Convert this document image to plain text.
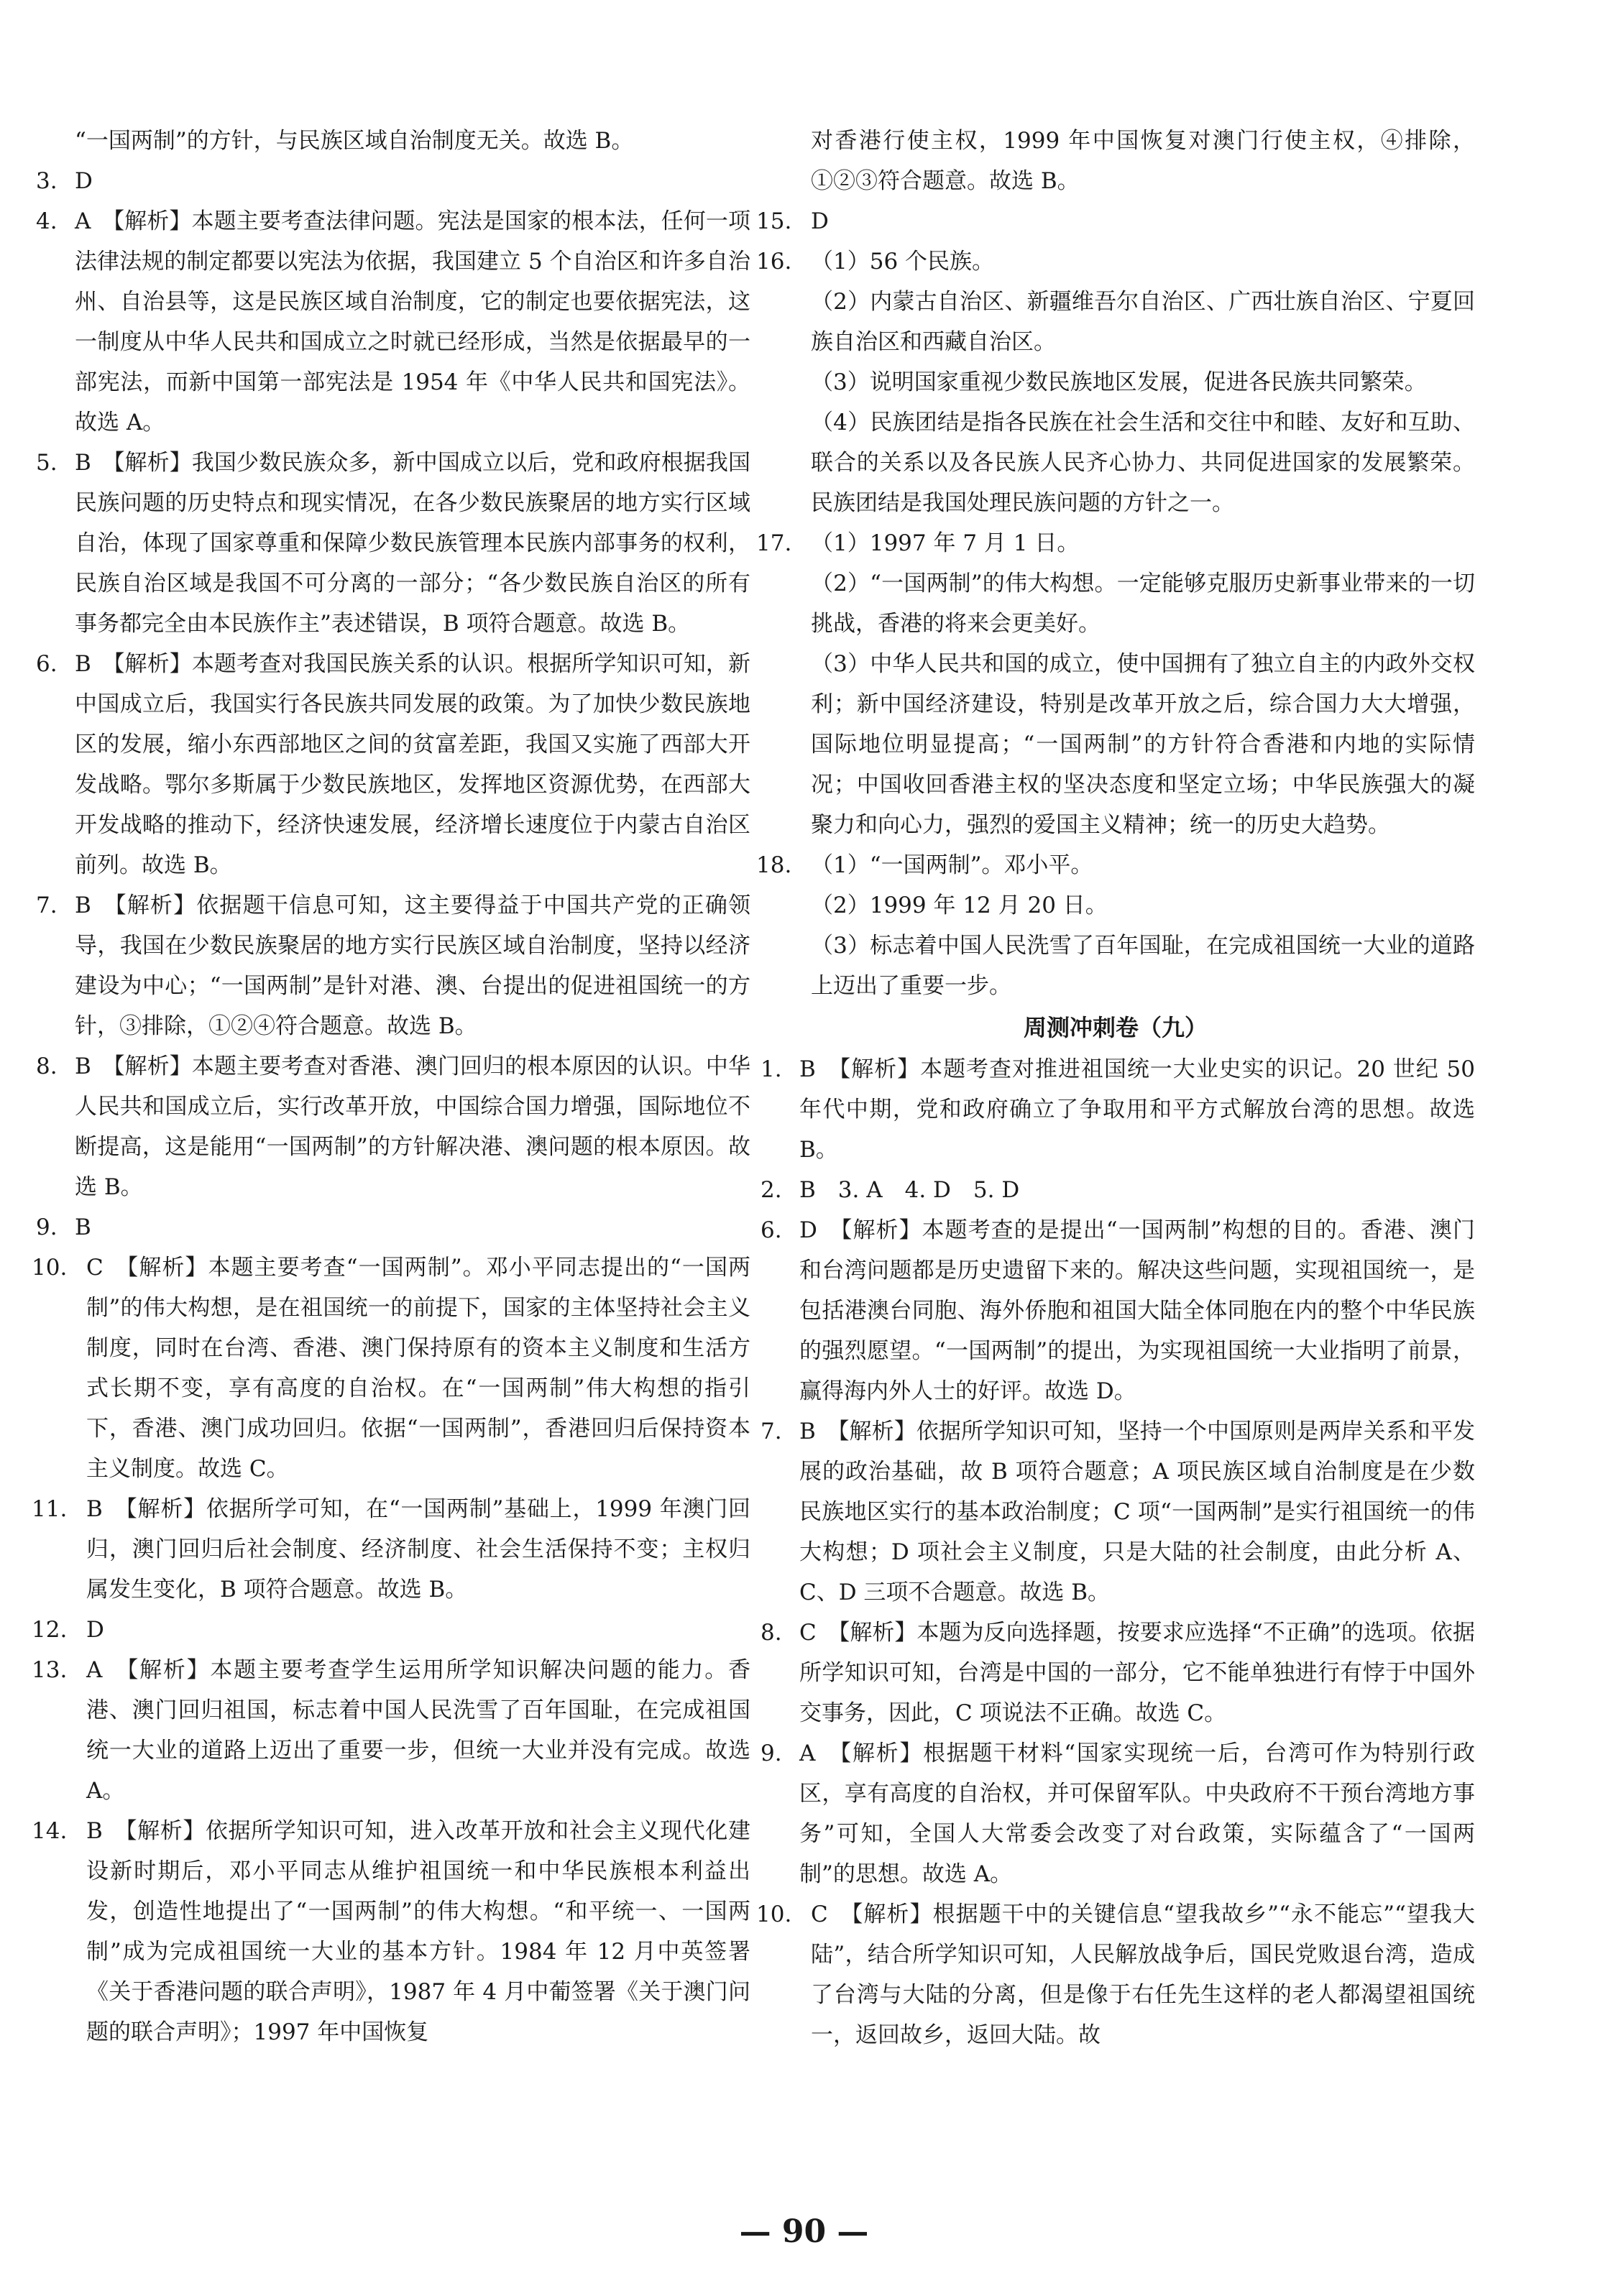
“一国两制”的方针，与民族区域自治制度无关。故选 B。
3. D
4. A　【解析】本题主要考查法律问题。宪法是国家的根本法，任何一项法律法规的制定都要以宪法为依据，我国建立 5 个自治区和许多自治州、自治县等，这是民族区域自治制度，它的制定也要依据宪法，这一制度从中华人民共和国成立之时就已经形成，当然是依据最早的一部宪法，而新中国第一部宪法是 1954 年《中华人民共和国宪法》。故选 A。
5. B　【解析】我国少数民族众多，新中国成立以后，党和政府根据我国民族问题的历史特点和现实情况，在各少数民族聚居的地方实行区域自治，体现了国家尊重和保障少数民族管理本民族内部事务的权利，民族自治区域是我国不可分离的一部分；“各少数民族自治区的所有事务都完全由本民族作主”表述错误，B 项符合题意。故选 B。
6. B　【解析】本题考查对我国民族关系的认识。根据所学知识可知，新中国成立后，我国实行各民族共同发展的政策。为了加快少数民族地区的发展，缩小东西部地区之间的贫富差距，我国又实施了西部大开发战略。鄂尔多斯属于少数民族地区，发挥地区资源优势，在西部大开发战略的推动下，经济快速发展，经济增长速度位于内蒙古自治区前列。故选 B。
7. B　【解析】依据题干信息可知，这主要得益于中国共产党的正确领导，我国在少数民族聚居的地方实行民族区域自治制度，坚持以经济建设为中心；“一国两制”是针对港、澳、台提出的促进祖国统一的方针，③排除，①②④符合题意。故选 B。
8. B　【解析】本题主要考查对香港、澳门回归的根本原因的认识。中华人民共和国成立后，实行改革开放，中国综合国力增强，国际地位不断提高，这是能用“一国两制”的方针解决港、澳问题的根本原因。故选 B。
9. B
10. C　【解析】本题主要考查“一国两制”。邓小平同志提出的“一国两制”的伟大构想，是在祖国统一的前提下，国家的主体坚持社会主义制度，同时在台湾、香港、澳门保持原有的资本主义制度和生活方式长期不变，享有高度的自治权。在“一国两制”伟大构想的指引下，香港、澳门成功回归。依据“一国两制”，香港回归后保持资本主义制度。故选 C。
11. B　【解析】依据所学可知，在“一国两制”基础上，1999 年澳门回归，澳门回归后社会制度、经济制度、社会生活保持不变；主权归属发生变化，B 项符合题意。故选 B。
12. D
13. A　【解析】本题主要考查学生运用所学知识解决问题的能力。香港、澳门回归祖国，标志着中国人民洗雪了百年国耻，在完成祖国统一大业的道路上迈出了重要一步，但统一大业并没有完成。故选 A。
14. B　【解析】依据所学知识可知，进入改革开放和社会主义现代化建设新时期后，邓小平同志从维护祖国统一和中华民族根本利益出发，创造性地提出了“一国两制”的伟大构想。“和平统一、一国两制”成为完成祖国统一大业的基本方针。1984 年 12 月中英签署《关于香港问题的联合声明》，1987 年 4 月中葡签署《关于澳门问题的联合声明》；1997 年中国恢复
对香港行使主权，1999 年中国恢复对澳门行使主权，④排除，①②③符合题意。故选 B。
15. D
16. （1）56 个民族。
（2）内蒙古自治区、新疆维吾尔自治区、广西壮族自治区、宁夏回族自治区和西藏自治区。
（3）说明国家重视少数民族地区发展，促进各民族共同繁荣。
（4）民族团结是指各民族在社会生活和交往中和睦、友好和互助、联合的关系以及各民族人民齐心协力、共同促进国家的发展繁荣。民族团结是我国处理民族问题的方针之一。
17. （1）1997 年 7 月 1 日。
（2）“一国两制”的伟大构想。一定能够克服历史新事业带来的一切挑战，香港的将来会更美好。
（3）中华人民共和国的成立，使中国拥有了独立自主的内政外交权利；新中国经济建设，特别是改革开放之后，综合国力大大增强，国际地位明显提高；“一国两制”的方针符合香港和内地的实际情况；中国收回香港主权的坚决态度和坚定立场；中华民族强大的凝聚力和向心力，强烈的爱国主义精神；统一的历史大趋势。
18. （1）“一国两制”。邓小平。
（2）1999 年 12 月 20 日。
（3）标志着中国人民洗雪了百年国耻，在完成祖国统一大业的道路上迈出了重要一步。
周测冲刺卷（九）
1. B　【解析】本题考查对推进祖国统一大业史实的识记。20 世纪 50 年代中期，党和政府确立了争取用和平方式解放台湾的思想。故选 B。
2. B　3. A　4. D　5. D
6. D　【解析】本题考查的是提出“一国两制”构想的目的。香港、澳门和台湾问题都是历史遗留下来的。解决这些问题，实现祖国统一，是包括港澳台同胞、海外侨胞和祖国大陆全体同胞在内的整个中华民族的强烈愿望。“一国两制”的提出，为实现祖国统一大业指明了前景，赢得海内外人士的好评。故选 D。
7. B　【解析】依据所学知识可知，坚持一个中国原则是两岸关系和平发展的政治基础，故 B 项符合题意；A 项民族区域自治制度是在少数民族地区实行的基本政治制度；C 项“一国两制”是实行祖国统一的伟大构想；D 项社会主义制度，只是大陆的社会制度，由此分析 A、C、D 三项不合题意。故选 B。
8. C　【解析】本题为反向选择题，按要求应选择“不正确”的选项。依据所学知识可知，台湾是中国的一部分，它不能单独进行有悖于中国外交事务，因此，C 项说法不正确。故选 C。
9. A　【解析】根据题干材料“国家实现统一后，台湾可作为特别行政区，享有高度的自治权，并可保留军队。中央政府不干预台湾地方事务”可知，全国人大常委会改变了对台政策，实际蕴含了“一国两制”的思想。故选 A。
10. C　【解析】根据题干中的关键信息“望我故乡”“永不能忘”“望我大陆”，结合所学知识可知，人民解放战争后，国民党败退台湾，造成了台湾与大陆的分离，但是像于右任先生这样的老人都渴望祖国统一，返回故乡，返回大陆。故
— 90 —
